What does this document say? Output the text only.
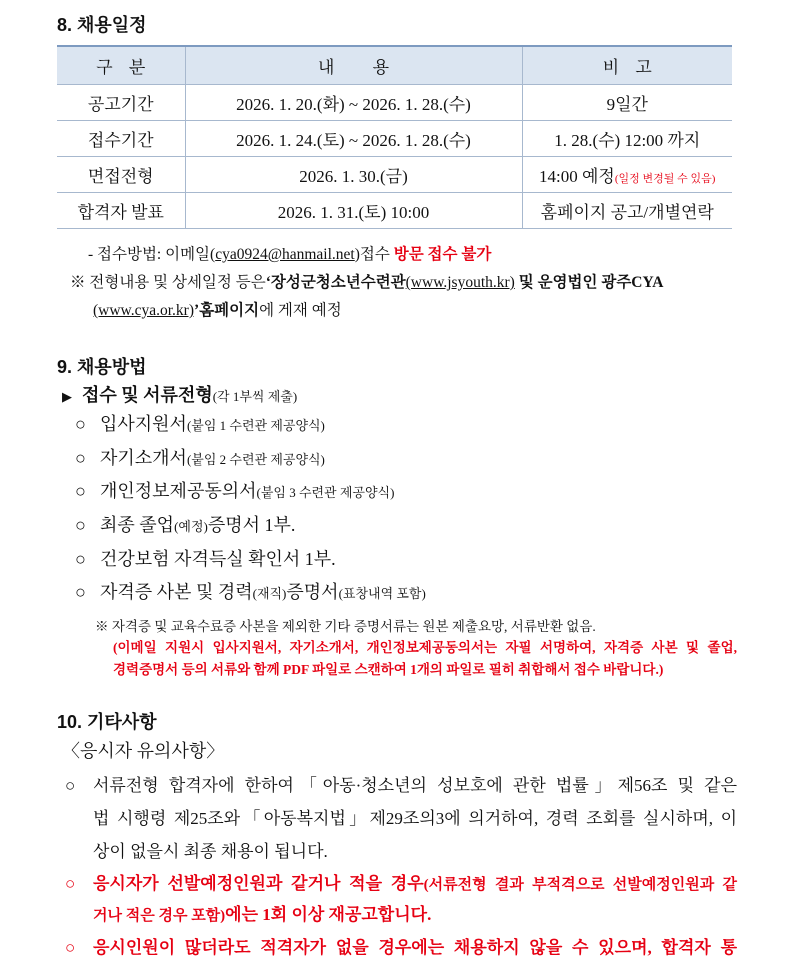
8. 채용일정
구 분	내 용	비 고
공고기간	2026. 1. 20.(화) ~ 2026. 1. 28.(수)	9일간
접수기간	2026. 1. 24.(토) ~ 2026. 1. 28.(수)	1. 28.(수) 12:00 까지
면접전형	2026. 1. 30.(금)	14:00 예정(일정 변경될 수 있음)
합격자 발표	2026. 1. 31.(토) 10:00	홈페이지 공고/개별연락
- 접수방법: 이메일(cya0924@hanmail.net)접수 방문 접수 불가
※ 전형내용 및 상세일정 등은‘장성군청소년수련관(www.jsyouth.kr) 및 운영법인 광주CYA
(www.cya.or.kr)’홈페이지에 게재 예정
9. 채용방법
▶ 접수 및 서류전형(각 1부씩 제출)
○ 입사지원서(붙임 1 수련관 제공양식)
○ 자기소개서(붙임 2 수련관 제공양식)
○ 개인정보제공동의서(붙임 3 수련관 제공양식)
○ 최종 졸업(예정)증명서 1부.
○ 건강보험 자격득실 확인서 1부.
○ 자격증 사본 및 경력(재직)증명서(표창내역 포함)
※ 자격증 및 교육수료증 사본을 제외한 기타 증명서류는 원본 제출요망, 서류반환 없음.
(이메일 지원시 입사지원서, 자기소개서, 개인정보제공동의서는 자필 서명하여, 자격증 사본 및 졸업,
경력증명서 등의 서류와 함께 PDF 파일로 스캔하여 1개의 파일로 필히 취합해서 접수 바랍니다.)
10. 기타사항
〈응시자 유의사항〉
○ 서류전형 합격자에 한하여「아동·청소년의 성보호에 관한 법률」제56조 및 같은
법 시행령 제25조와「아동복지법」제29조의3에 의거하여, 경력 조회를 실시하며, 이
상이 없을시 최종 채용이 됩니다.
○ 응시자가 선발예정인원과 같거나 적을 경우(서류전형 결과 부적격으로 선발예정인원과 같
거나 적은 경우 포함)에는 1회 이상 재공고합니다.
○ 응시인원이 많더라도 적격자가 없을 경우에는 채용하지 않을 수 있으며, 합격자 통
